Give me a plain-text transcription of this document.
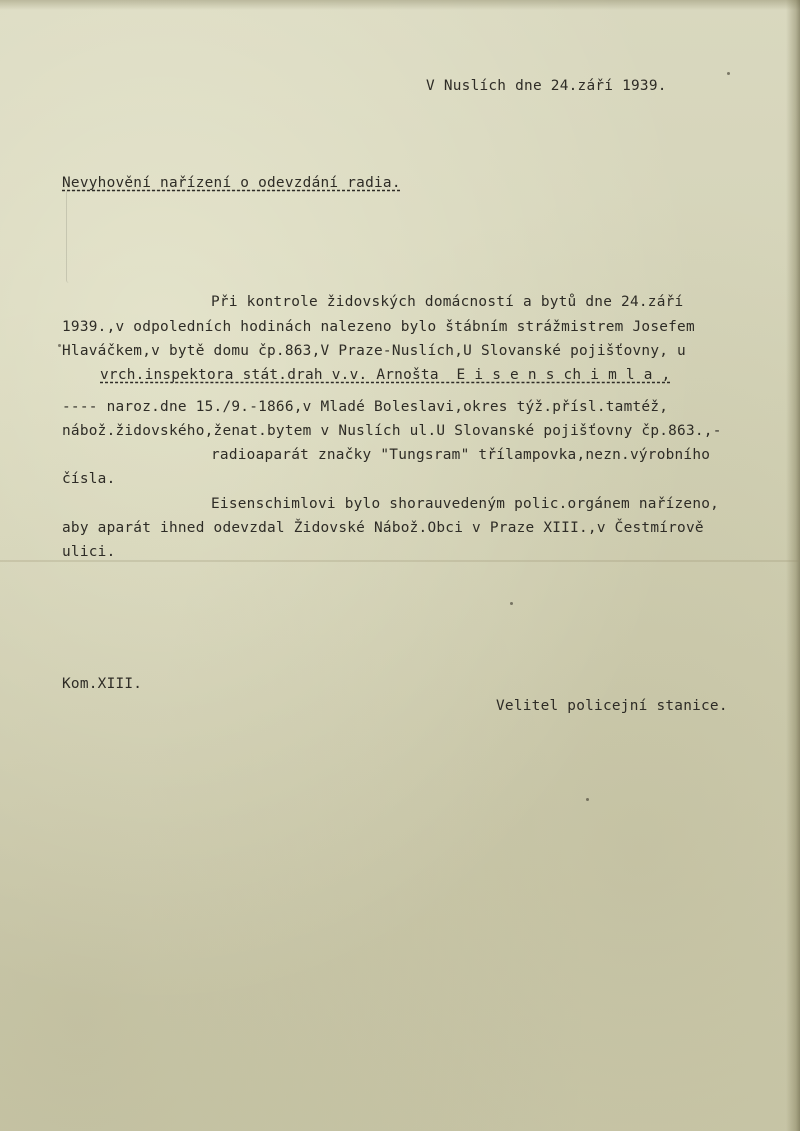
V Nuslích dne 24.září 1939.
Nevyhovění nařízení o odevzdání radia.
Při kontrole židovských domácností a bytů dne 24.září
1939.,v odpoledních hodinách nalezeno bylo štábním strážmistrem Josefem
Hlaváčkem,v bytě domu čp.863,V Praze-Nuslích,U Slovanské pojišťovny, u
vrch.inspektora stát.drah v.v. Arnošta  E i s e n s ch i m l a ,
---- naroz.dne 15./9.-1866,v Mladé Boleslavi,okres týž.přísl.tamtéž,
nábož.židovského,ženat.bytem v Nuslích ul.U Slovanské pojišťovny čp.863.,-
radioaparát značky "Tungsram" třílampovka,nezn.výrobního
čísla.
Eisenschimlovi bylo shorauvedeným polic.orgánem nařízeno,
aby aparát ihned odevzdal Židovské Nábož.Obci v Praze XIII.,v Čestmírově
ulici.
Kom.XIII.
Velitel policejní stanice.
